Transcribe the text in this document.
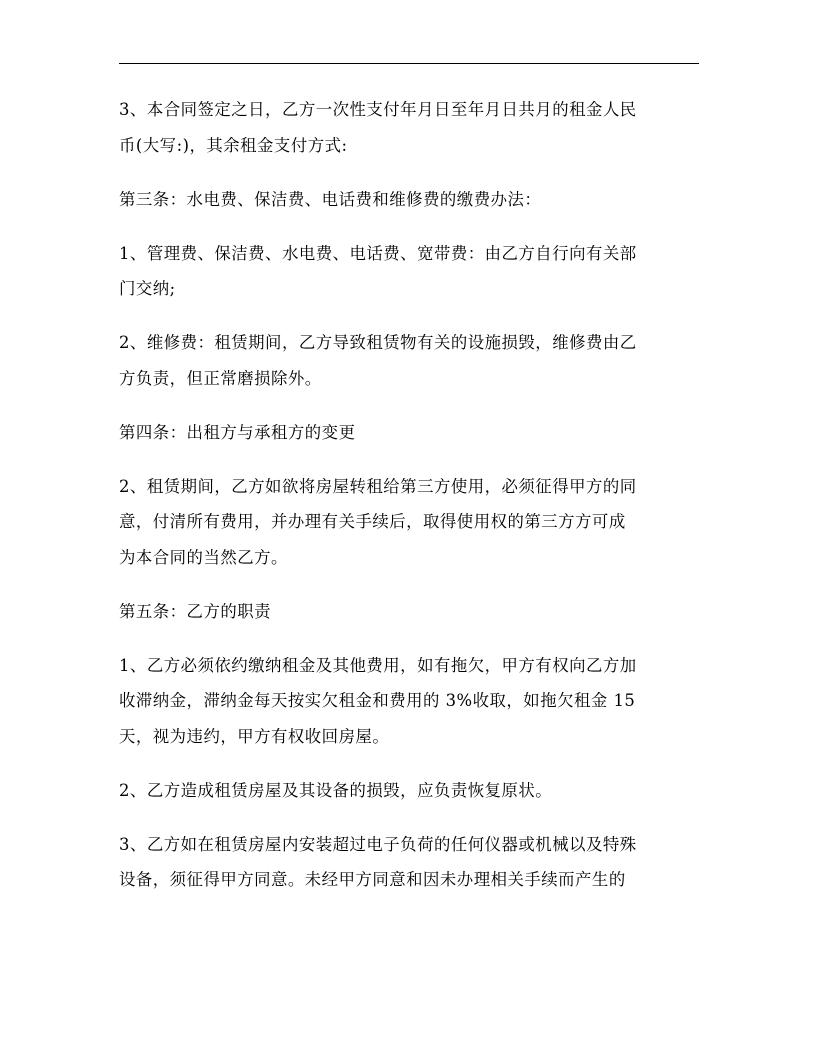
3、本合同签定之日，乙方一次性支付年月日至年月日共月的租金人民
币(大写:)，其余租金支付方式:

第三条：水电费、保洁费、电话费和维修费的缴费办法：

1、管理费、保洁费、水电费、电话费、宽带费：由乙方自行向有关部
门交纳;

2、维修费：租赁期间，乙方导致租赁物有关的设施损毁，维修费由乙
方负责，但正常磨损除外。

第四条：出租方与承租方的变更

2、租赁期间，乙方如欲将房屋转租给第三方使用，必须征得甲方的同
意，付清所有费用，并办理有关手续后，取得使用权的第三方方可成
为本合同的当然乙方。

第五条：乙方的职责

1、乙方必须依约缴纳租金及其他费用，如有拖欠，甲方有权向乙方加
收滞纳金，滞纳金每天按实欠租金和费用的 3%收取，如拖欠租金 15
天，视为违约，甲方有权收回房屋。

2、乙方造成租赁房屋及其设备的损毁，应负责恢复原状。

3、乙方如在租赁房屋内安装超过电子负荷的任何仪器或机械以及特殊
设备，须征得甲方同意。未经甲方同意和因未办理相关手续而产生的
